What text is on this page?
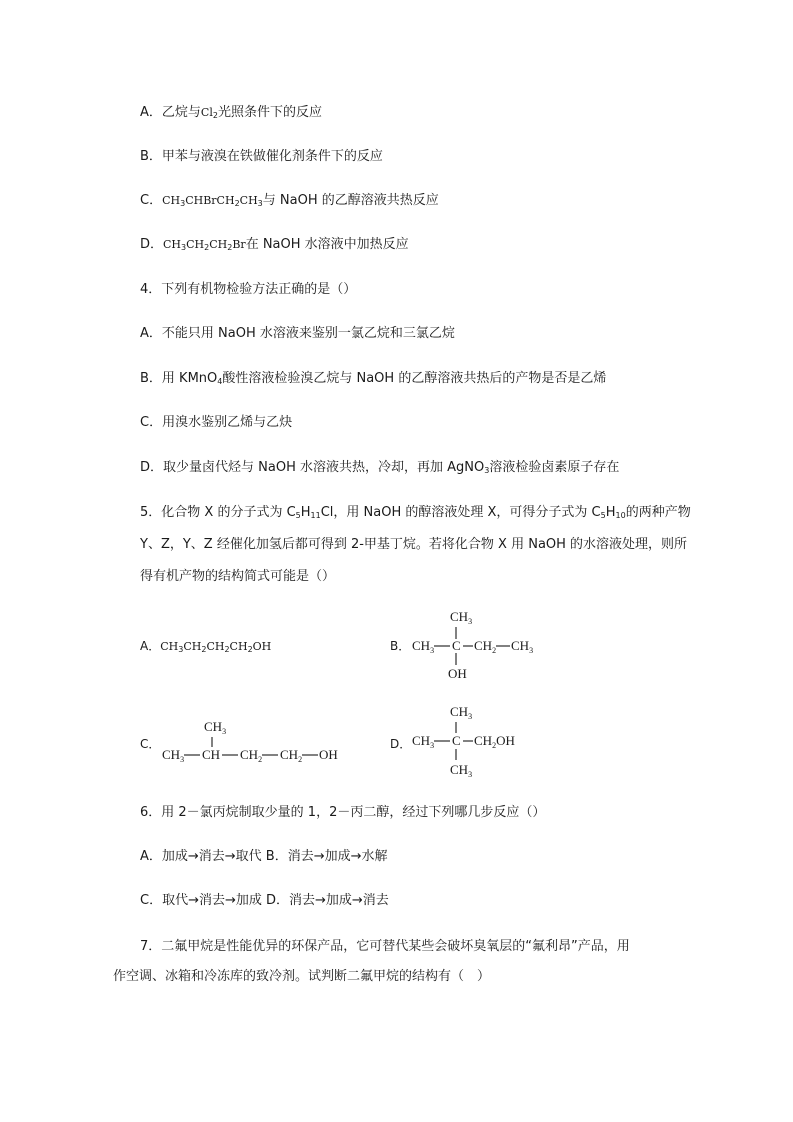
A．乙烷与$Cl_2$光照条件下的反应
B．甲苯与液溴在铁做催化剂条件下的反应
C．$CH_3CHBrCH_2CH_3$与 NaOH 的乙醇溶液共热反应
D．$CH_3CH_2CH_2Br$在 NaOH 水溶液中加热反应
4．下列有机物检验方法正确的是（）
A．不能只用 NaOH 水溶液来鉴别一氯乙烷和三氯乙烷
B．用 KMnO$_4$酸性溶液检验溴乙烷与 NaOH 的乙醇溶液共热后的产物是否是乙烯
C．用溴水鉴别乙烯与乙炔
D．取少量卤代烃与 NaOH 水溶液共热，冷却，再加 AgNO$_3$溶液检验卤素原子存在
5．化合物 X 的分子式为 $C_5H_{11}Cl$，用 NaOH 的醇溶液处理 X，可得分子式为 $C_5H_{10}$的两种产物
Y、Z，Y、Z 经催化加氢后都可得到 2-甲基丁烷。若将化合物 X 用 NaOH 的水溶液处理，则所
得有机产物的结构简式可能是（）
A．$CH_3CH_2CH_2CH_2OH$	B．
$CH_3$
$CH_3$ C $CH_2$ $CH_3$
OH
C．
$CH_3$
$CH_3$ CH $CH_2$ $CH_2$ OH
D．
$CH_3$
$CH_3$ C $CH_2OH$
$CH_3$
6．用 2－氯丙烷制取少量的 1，2－丙二醇，经过下列哪几步反应（）
A．加成→消去→取代 B．消去→加成→水解
C．取代→消去→加成 D．消去→加成→消去
7．二氟甲烷是性能优异的环保产品，它可替代某些会破坏臭氧层的“氟利昂”产品，用
作空调、冰箱和冷冻库的致冷剂。试判断二氟甲烷的结构有（　）
